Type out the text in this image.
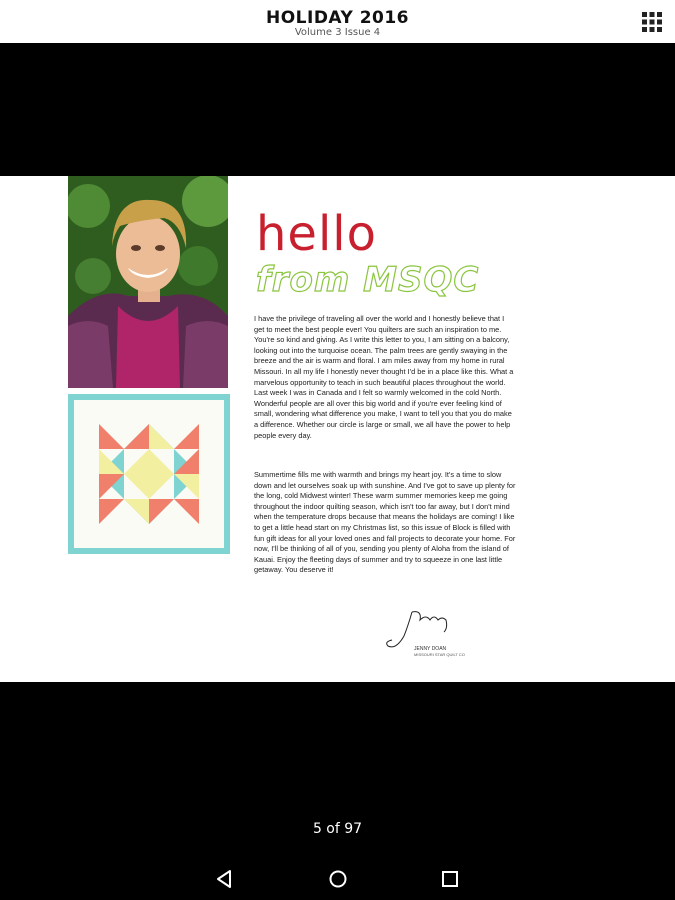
HOLIDAY 2016
Volume 3 Issue 4
hello
from MSQC
I have the privilege of traveling all over the world and I honestly believe that I get to meet the best people ever! You quilters are such an inspiration to me. You're so kind and giving. As I write this letter to you, I am sitting on a balcony, looking out into the turquoise ocean. The palm trees are gently swaying in the breeze and the air is warm and floral. I am miles away from my home in rural Missouri. In all my life I honestly never thought I'd be in a place like this. What a marvelous opportunity to teach in such beautiful places throughout the world. Last week I was in Canada and I felt so warmly welcomed in the cold North. Wonderful people are all over this big world and if you're ever feeling kind of small, wondering what difference you make, I want to tell you that you do make a difference. Whether our circle is large or small, we all have the power to help people every day.
Summertime fills me with warmth and brings my heart joy. It's a time to slow down and let ourselves soak up with sunshine. And I've got to save up plenty for the long, cold Midwest winter! These warm summer memories keep me going throughout the indoor quilting season, which isn't too far away, but I don't mind when the temperature drops because that means the holidays are coming! I like to get a little head start on my Christmas list, so this issue of Block is filled with fun gift ideas for all your loved ones and fall projects to decorate your home. For now, I'll be thinking of all of you, sending you plenty of Aloha from the island of Kauai. Enjoy the fleeting days of summer and try to squeeze in one last little getaway. You deserve it!
JENNY DOAN
MISSOURI STAR QUILT CO
5 of 97
